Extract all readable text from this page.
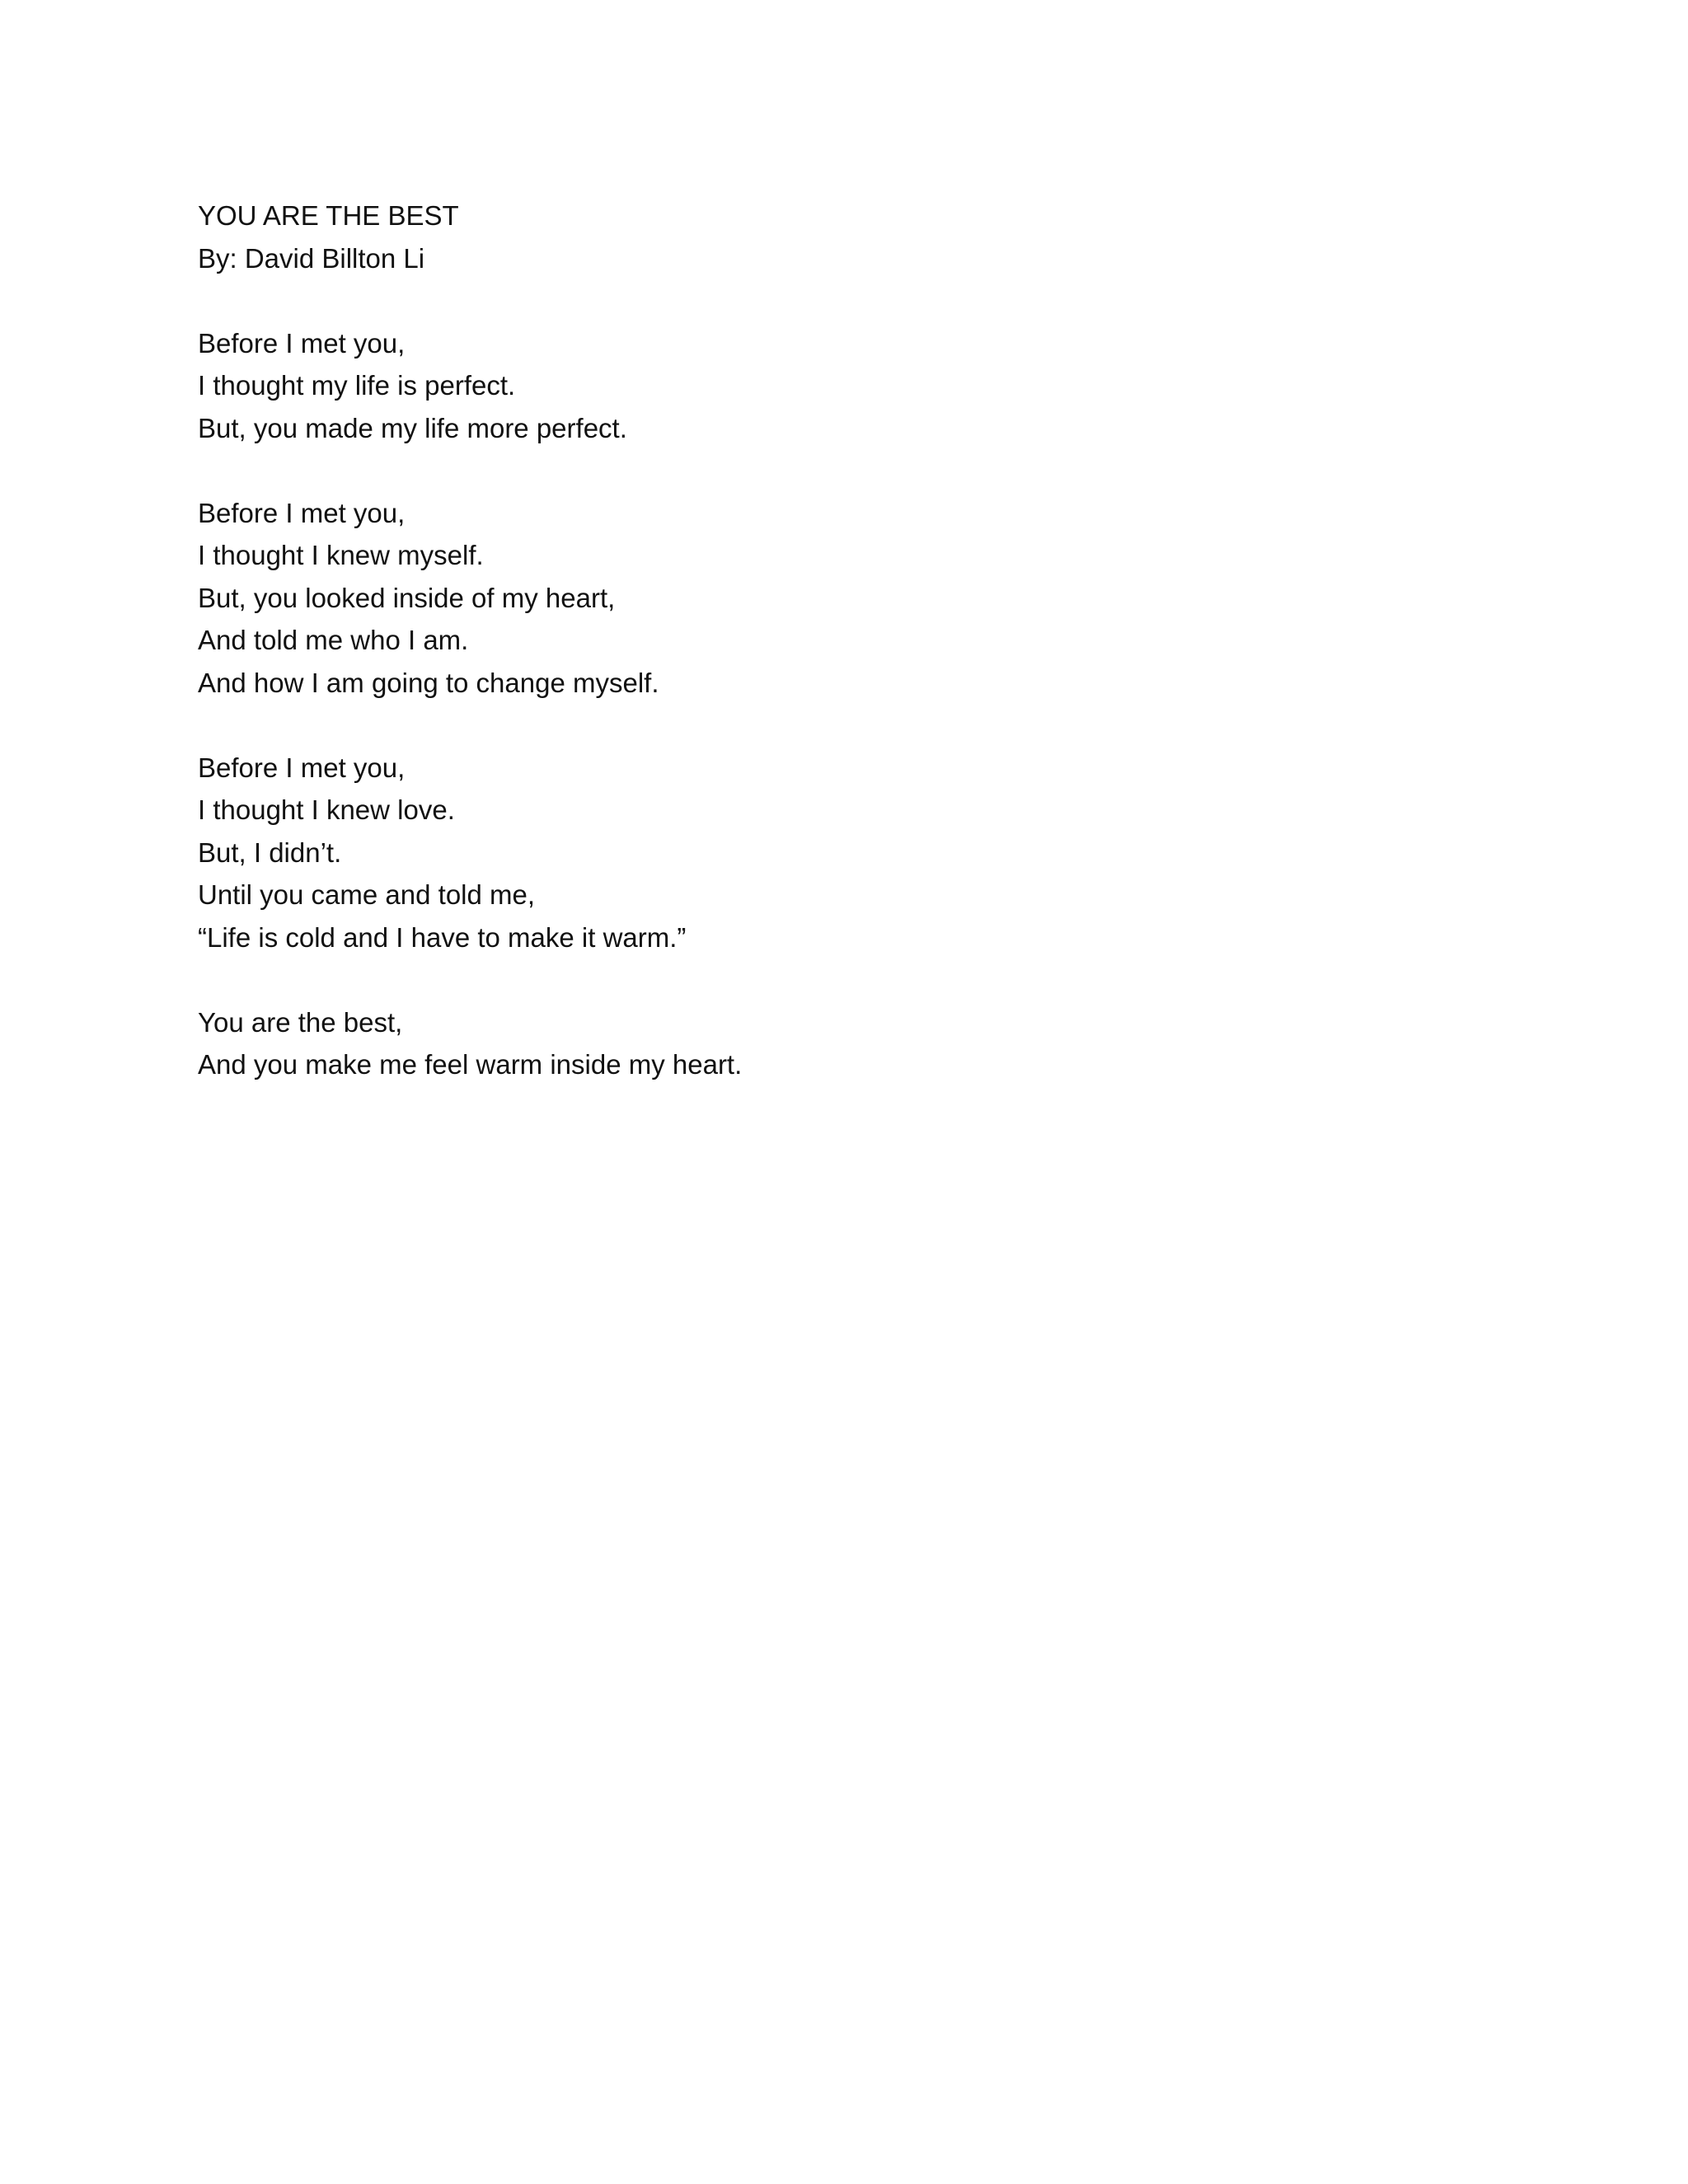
YOU ARE THE BEST
By: David Billton Li
Before I met you,
I thought my life is perfect.
But, you made my life more perfect.
Before I met you,
I thought I knew myself.
But, you looked inside of my heart,
And told me who I am.
And how I am going to change myself.
Before I met you,
I thought I knew love.
But, I didn’t.
Until you came and told me,
“Life is cold and I have to make it warm.”
You are the best,
And you make me feel warm inside my heart.
